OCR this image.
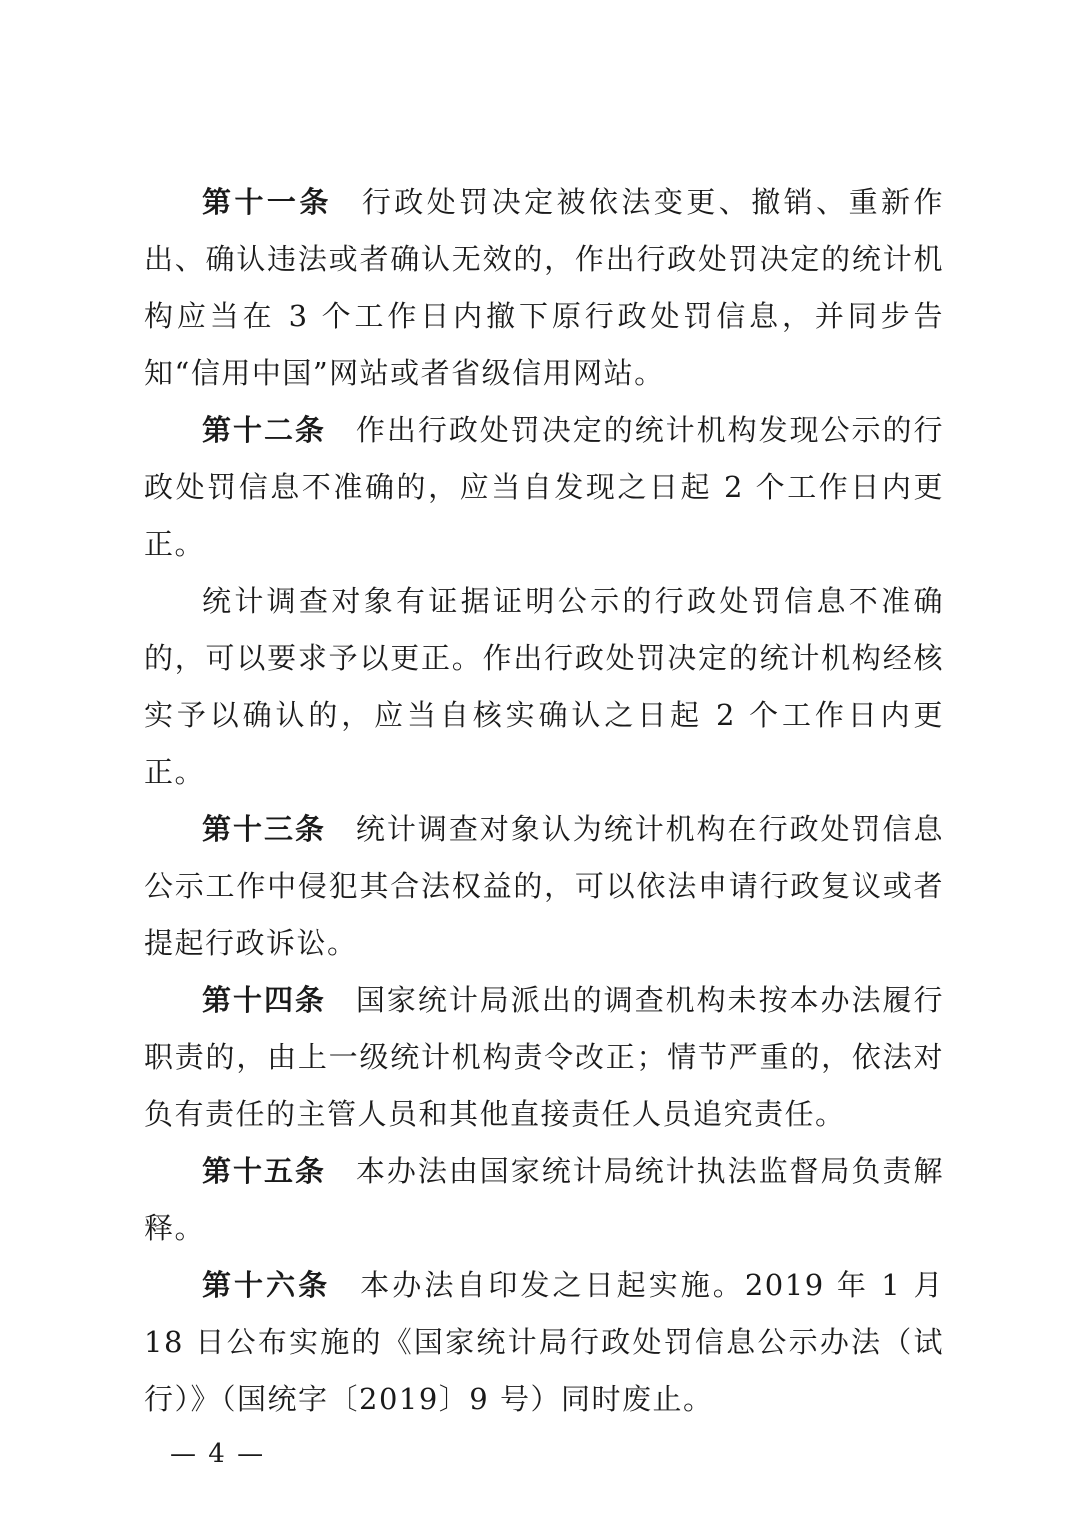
第十一条 行政处罚决定被依法变更、撤销、重新作出、确认违法或者确认无效的，作出行政处罚决定的统计机构应当在 3 个工作日内撤下原行政处罚信息，并同步告知“信用中国”网站或者省级信用网站。

第十二条 作出行政处罚决定的统计机构发现公示的行政处罚信息不准确的，应当自发现之日起 2 个工作日内更正。

统计调查对象有证据证明公示的行政处罚信息不准确的，可以要求予以更正。作出行政处罚决定的统计机构经核实予以确认的，应当自核实确认之日起 2 个工作日内更正。

第十三条 统计调查对象认为统计机构在行政处罚信息公示工作中侵犯其合法权益的，可以依法申请行政复议或者提起行政诉讼。

第十四条 国家统计局派出的调查机构未按本办法履行职责的，由上一级统计机构责令改正；情节严重的，依法对负有责任的主管人员和其他直接责任人员追究责任。

第十五条 本办法由国家统计局统计执法监督局负责解释。

第十六条 本办法自印发之日起实施。2019 年 1 月 18 日公布实施的《国家统计局行政处罚信息公示办法（试行）》（国统字〔2019〕9 号）同时废止。

— 4 —
